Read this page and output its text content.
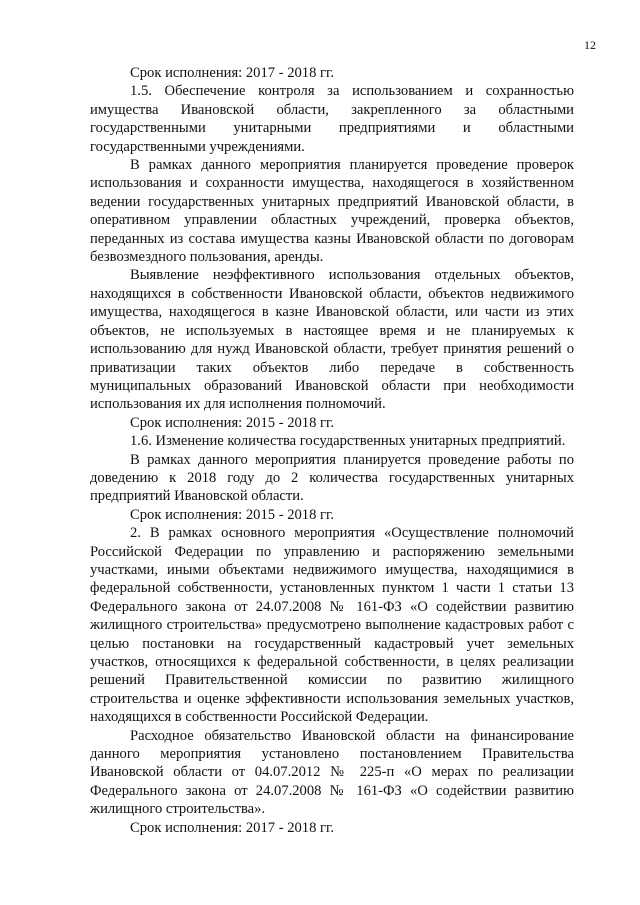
12

Срок исполнения: 2017 - 2018 гг.

1.5. Обеспечение контроля за использованием и сохранностью имущества Ивановской области, закрепленного за областными государственными унитарными предприятиями и областными государственными учреждениями.

В рамках данного мероприятия планируется проведение проверок использования и сохранности имущества, находящегося в хозяйственном ведении государственных унитарных предприятий Ивановской области, в оперативном управлении областных учреждений, проверка объектов, переданных из состава имущества казны Ивановской области по договорам безвозмездного пользования, аренды.

Выявление неэффективного использования отдельных объектов, находящихся в собственности Ивановской области, объектов недвижимого имущества, находящегося в казне Ивановской области, или части из этих объектов, не используемых в настоящее время и не планируемых к использованию для нужд Ивановской области, требует принятия решений о приватизации таких объектов либо передаче в собственность муниципальных образований Ивановской области при необходимости использования их для исполнения полномочий.

Срок исполнения: 2015 - 2018 гг.

1.6. Изменение количества государственных унитарных предприятий.

В рамках данного мероприятия планируется проведение работы по доведению к 2018 году до 2 количества государственных унитарных предприятий Ивановской области.

Срок исполнения: 2015 - 2018 гг.

2. В рамках основного мероприятия «Осуществление полномочий Российской Федерации по управлению и распоряжению земельными участками, иными объектами недвижимого имущества, находящимися в федеральной собственности, установленных пунктом 1 части 1 статьи 13 Федерального закона от 24.07.2008 № 161-ФЗ «О содействии развитию жилищного строительства» предусмотрено выполнение кадастровых работ с целью постановки на государственный кадастровый учет земельных участков, относящихся к федеральной собственности, в целях реализации решений Правительственной комиссии по развитию жилищного строительства и оценке эффективности использования земельных участков, находящихся в собственности Российской Федерации.

Расходное обязательство Ивановской области на финансирование данного мероприятия установлено постановлением Правительства Ивановской области от 04.07.2012 № 225-п «О мерах по реализации Федерального закона от 24.07.2008 № 161-ФЗ «О содействии развитию жилищного строительства».

Срок исполнения: 2017 - 2018 гг.
